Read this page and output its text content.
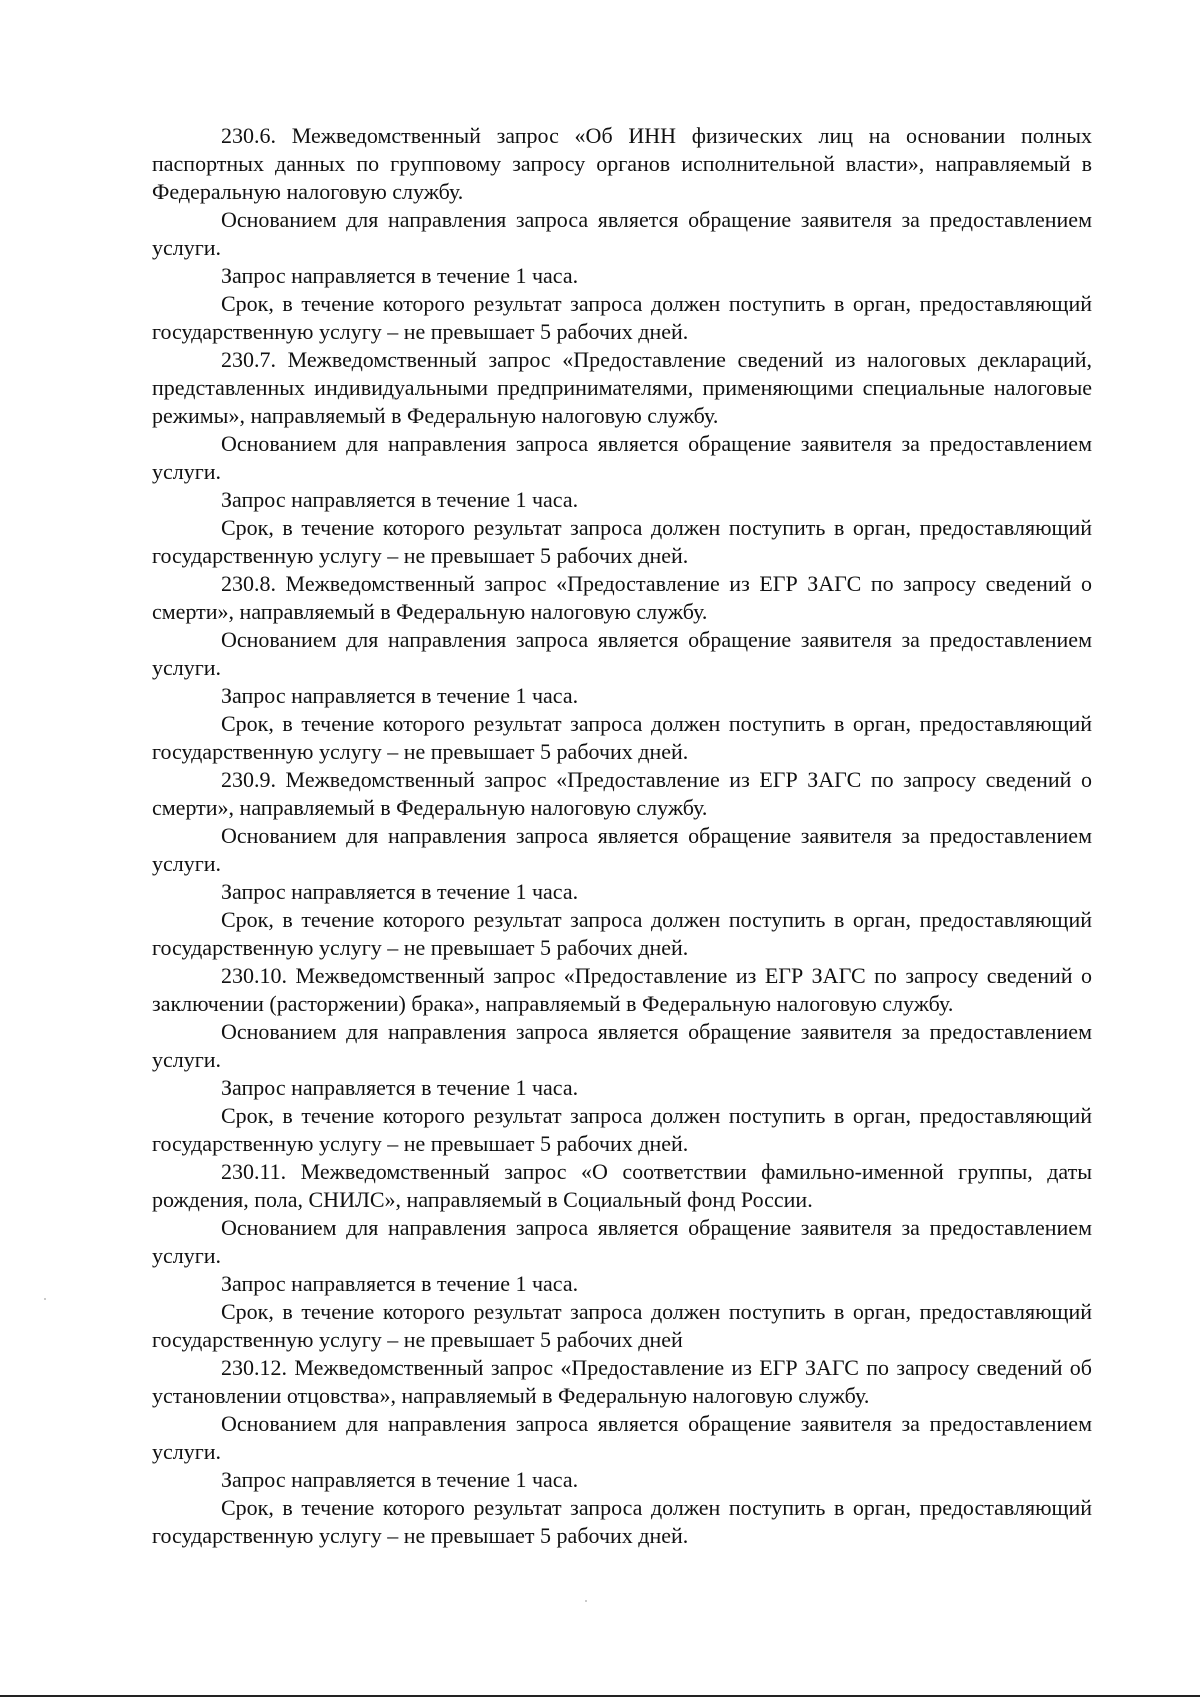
230.6. Межведомственный запрос «Об ИНН физических лиц на основании полных паспортных данных по групповому запросу органов исполнительной власти», направляемый в Федеральную налоговую службу.

Основанием для направления запроса является обращение заявителя за предоставлением услуги.

Запрос направляется в течение 1 часа.

Срок, в течение которого результат запроса должен поступить в орган, предоставляющий государственную услугу – не превышает 5 рабочих дней.

230.7. Межведомственный запрос «Предоставление сведений из налоговых деклараций, представленных индивидуальными предпринимателями, применяющими специальные налоговые режимы», направляемый в Федеральную налоговую службу.

Основанием для направления запроса является обращение заявителя за предоставлением услуги.

Запрос направляется в течение 1 часа.

Срок, в течение которого результат запроса должен поступить в орган, предоставляющий государственную услугу – не превышает 5 рабочих дней.

230.8. Межведомственный запрос «Предоставление из ЕГР ЗАГС по запросу сведений о смерти», направляемый в Федеральную налоговую службу.

Основанием для направления запроса является обращение заявителя за предоставлением услуги.

Запрос направляется в течение 1 часа.

Срок, в течение которого результат запроса должен поступить в орган, предоставляющий государственную услугу – не превышает 5 рабочих дней.

230.9. Межведомственный запрос «Предоставление из ЕГР ЗАГС по запросу сведений о смерти», направляемый в Федеральную налоговую службу.

Основанием для направления запроса является обращение заявителя за предоставлением услуги.

Запрос направляется в течение 1 часа.

Срок, в течение которого результат запроса должен поступить в орган, предоставляющий государственную услугу – не превышает 5 рабочих дней.

230.10. Межведомственный запрос «Предоставление из ЕГР ЗАГС по запросу сведений о заключении (расторжении) брака», направляемый в Федеральную налоговую службу.

Основанием для направления запроса является обращение заявителя за предоставлением услуги.

Запрос направляется в течение 1 часа.

Срок, в течение которого результат запроса должен поступить в орган, предоставляющий государственную услугу – не превышает 5 рабочих дней.

230.11. Межведомственный запрос «О соответствии фамильно-именной группы, даты рождения, пола, СНИЛС», направляемый в Социальный фонд России.

Основанием для направления запроса является обращение заявителя за предоставлением услуги.

Запрос направляется в течение 1 часа.

Срок, в течение которого результат запроса должен поступить в орган, предоставляющий государственную услугу – не превышает 5 рабочих дней

230.12. Межведомственный запрос «Предоставление из ЕГР ЗАГС по запросу сведений об установлении отцовства», направляемый в Федеральную налоговую службу.

Основанием для направления запроса является обращение заявителя за предоставлением услуги.

Запрос направляется в течение 1 часа.

Срок, в течение которого результат запроса должен поступить в орган, предоставляющий государственную услугу – не превышает 5 рабочих дней.
